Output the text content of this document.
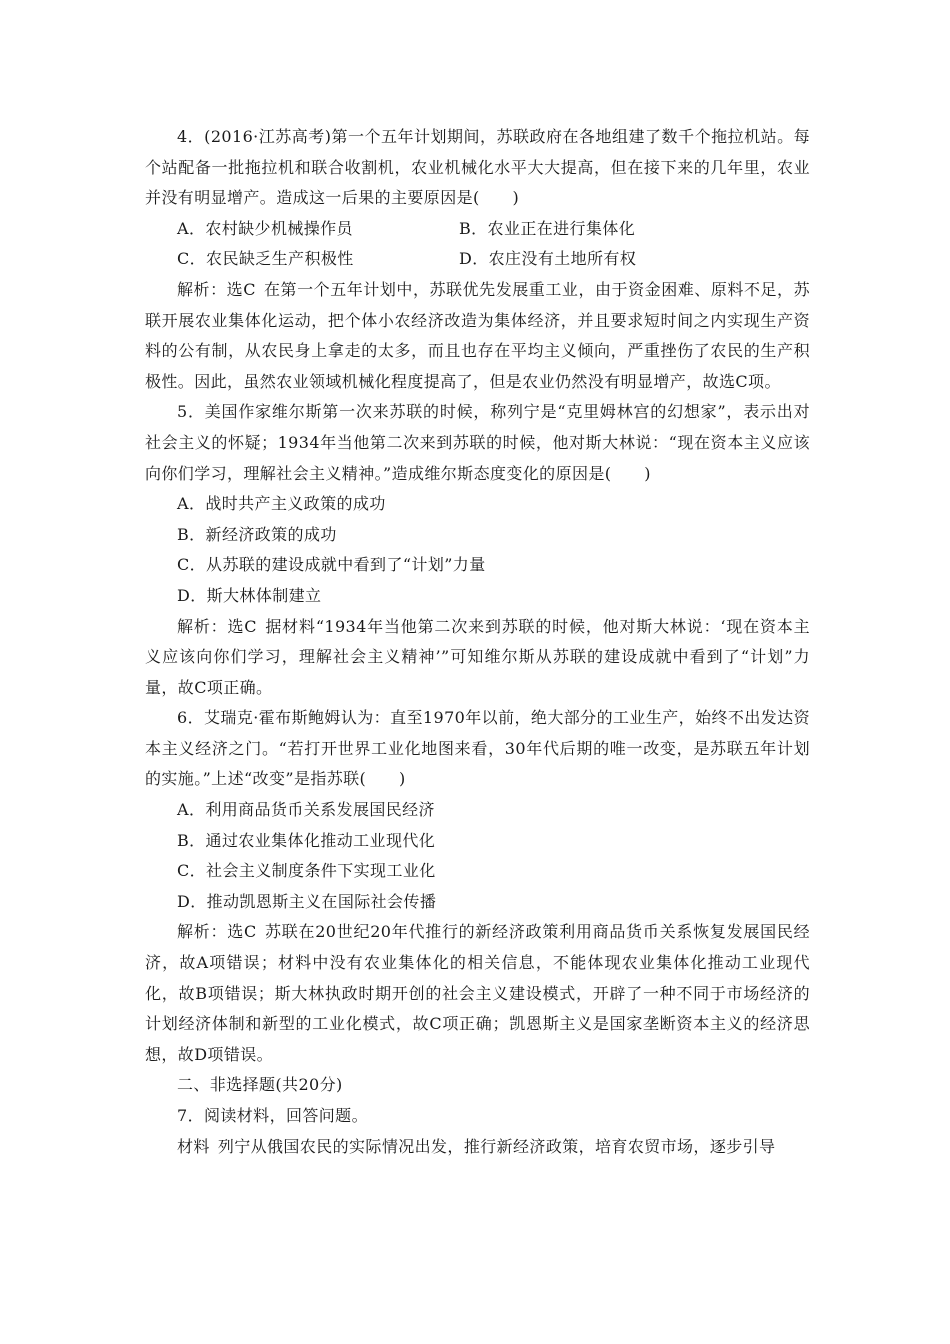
4．(2016·江苏高考)第一个五年计划期间，苏联政府在各地组建了数千个拖拉机站。每个站配备一批拖拉机和联合收割机，农业机械化水平大大提高，但在接下来的几年里，农业并没有明显增产。造成这一后果的主要原因是(　　)

A．农村缺少机械操作员	B．农业正在进行集体化
C．农民缺乏生产积极性	D．农庄没有土地所有权

解析：选C 在第一个五年计划中，苏联优先发展重工业，由于资金困难、原料不足，苏联开展农业集体化运动，把个体小农经济改造为集体经济，并且要求短时间之内实现生产资料的公有制，从农民身上拿走的太多，而且也存在平均主义倾向，严重挫伤了农民的生产积极性。因此，虽然农业领域机械化程度提高了，但是农业仍然没有明显增产，故选C项。

5．美国作家维尔斯第一次来苏联的时候，称列宁是“克里姆林宫的幻想家”，表示出对社会主义的怀疑；1934年当他第二次来到苏联的时候，他对斯大林说：“现在资本主义应该向你们学习，理解社会主义精神。”造成维尔斯态度变化的原因是(　　)

A．战时共产主义政策的成功

B．新经济政策的成功

C．从苏联的建设成就中看到了“计划”力量

D．斯大林体制建立

解析：选C 据材料“1934年当他第二次来到苏联的时候，他对斯大林说：‘现在资本主义应该向你们学习，理解社会主义精神’”可知维尔斯从苏联的建设成就中看到了“计划”力量，故C项正确。

6．艾瑞克·霍布斯鲍姆认为：直至1970年以前，绝大部分的工业生产，始终不出发达资本主义经济之门。“若打开世界工业化地图来看，30年代后期的唯一改变，是苏联五年计划的实施。”上述“改变”是指苏联(　　)

A．利用商品货币关系发展国民经济

B．通过农业集体化推动工业现代化

C．社会主义制度条件下实现工业化

D．推动凯恩斯主义在国际社会传播

解析：选C 苏联在20世纪20年代推行的新经济政策利用商品货币关系恢复发展国民经济，故A项错误；材料中没有农业集体化的相关信息，不能体现农业集体化推动工业现代化，故B项错误；斯大林执政时期开创的社会主义建设模式，开辟了一种不同于市场经济的计划经济体制和新型的工业化模式，故C项正确；凯恩斯主义是国家垄断资本主义的经济思想，故D项错误。

二、非选择题(共20分)

7．阅读材料，回答问题。

材料 列宁从俄国农民的实际情况出发，推行新经济政策，培育农贸市场，逐步引导
